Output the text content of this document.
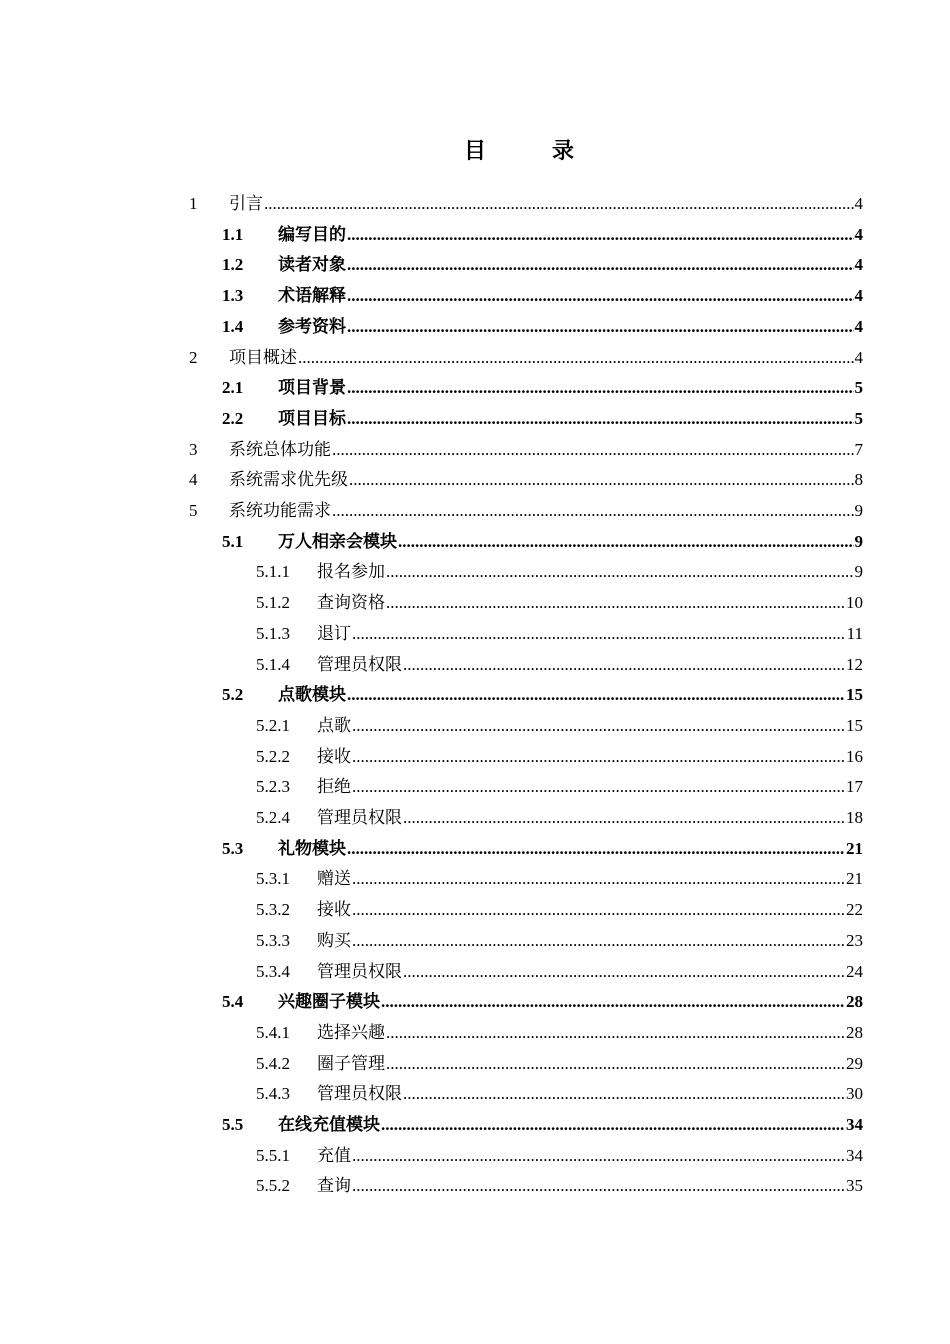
目　录
1	引言 .....	4
1.1	编写目的 .....	4
1.2	读者对象 .....	4
1.3	术语解释 .....	4
1.4	参考资料 .....	4
2	项目概述 .....	4
2.1	项目背景 .....	5
2.2	项目目标 .....	5
3	系统总体功能 .....	7
4	系统需求优先级 .....	8
5	系统功能需求 .....	9
5.1	万人相亲会模块 .....	9
5.1.1	报名参加 .....	9
5.1.2	查询资格 .....	10
5.1.3	退订 .....	11
5.1.4	管理员权限 .....	12
5.2	点歌模块 .....	15
5.2.1	点歌 .....	15
5.2.2	接收 .....	16
5.2.3	拒绝 .....	17
5.2.4	管理员权限 .....	18
5.3	礼物模块 .....	21
5.3.1	赠送 .....	21
5.3.2	接收 .....	22
5.3.3	购买 .....	23
5.3.4	管理员权限 .....	24
5.4	兴趣圈子模块 .....	28
5.4.1	选择兴趣 .....	28
5.4.2	圈子管理 .....	29
5.4.3	管理员权限 .....	30
5.5	在线充值模块 .....	34
5.5.1	充值 .....	34
5.5.2	查询 .....	35
